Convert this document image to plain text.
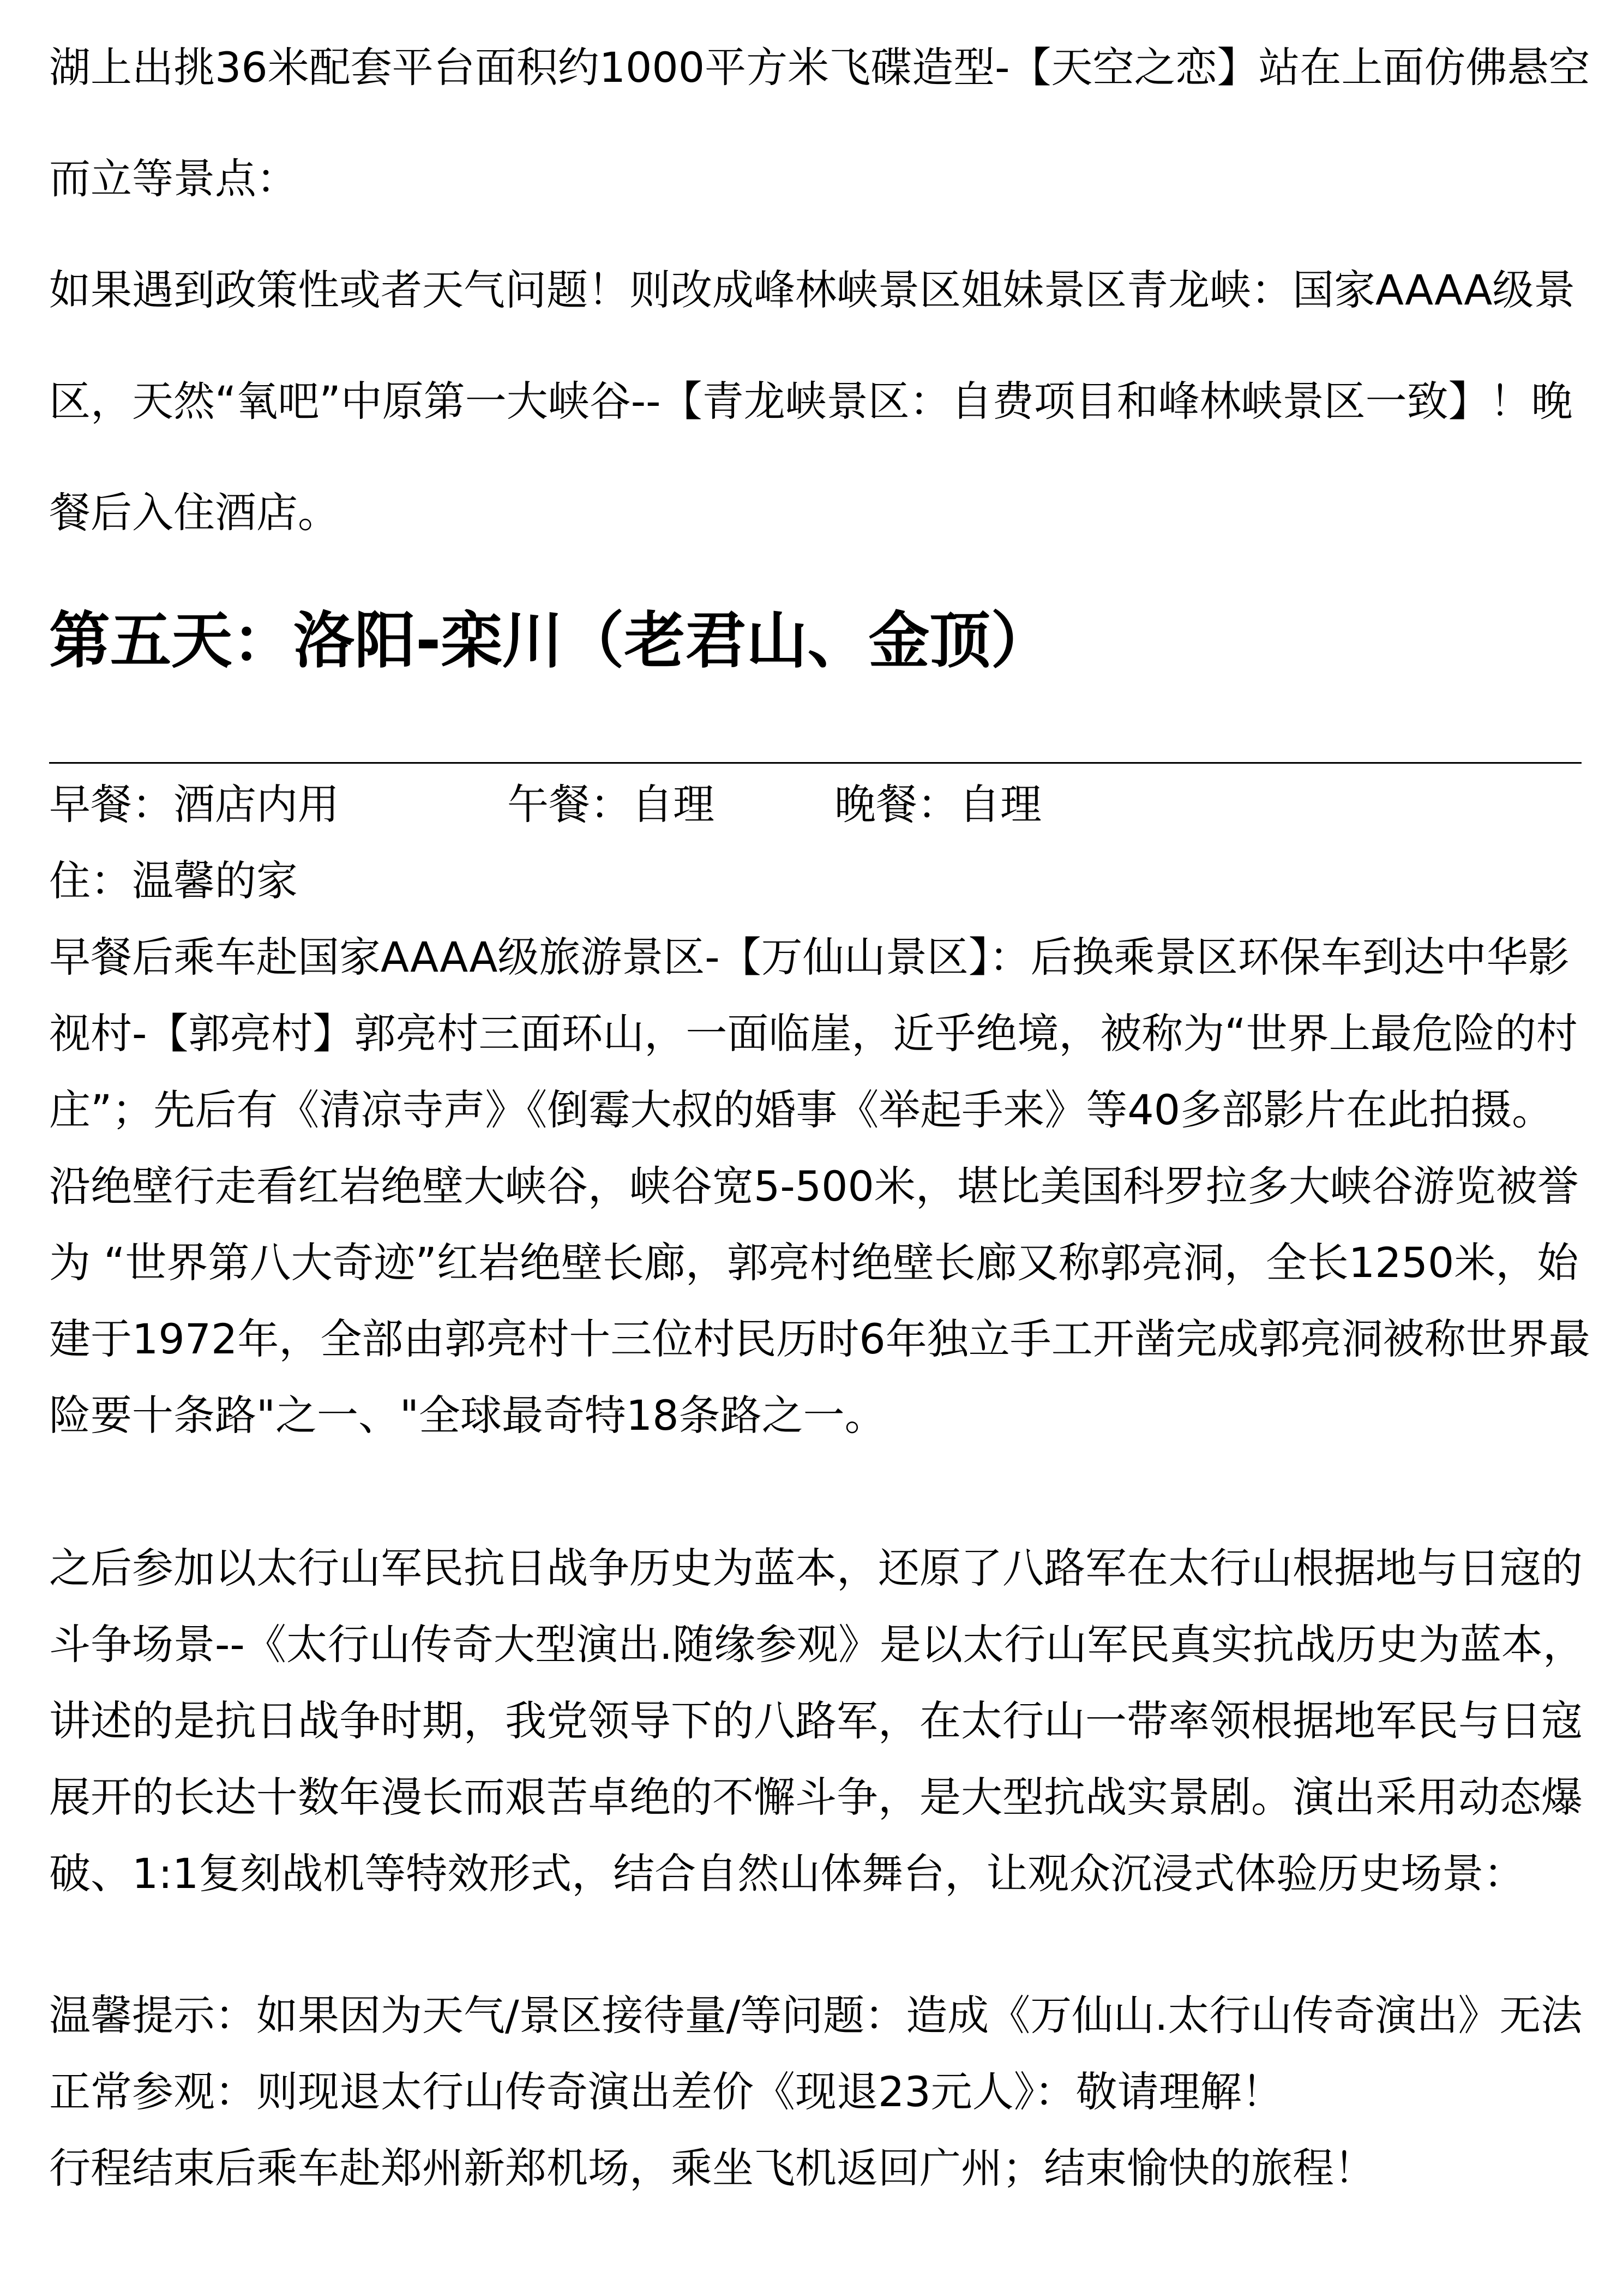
湖上出挑36米配套平台面积约1000平方米飞碟造型-【天空之恋】站在上面仿佛悬空而立等景点：

如果遇到政策性或者天气问题！则改成峰林峡景区姐妹景区青龙峡：国家AAAA级景区，天然“氧吧”中原第一大峡谷--【青龙峡景区：自费项目和峰林峡景区一致】！晚餐后入住酒店。

第五天：洛阳-栾川（老君山、金顶）
早餐：酒店内用	午餐：自理	晚餐：自理
住：温馨的家

早餐后乘车赴国家AAAA级旅游景区-【万仙山景区】：后换乘景区环保车到达中华影视村-【郭亮村】郭亮村三面环山，一面临崖，近乎绝境，被称为“世界上最危险的村庄”；先后有《清凉寺声》《倒霉大叔的婚事《举起手来》等40多部影片在此拍摄。沿绝壁行走看红岩绝壁大峡谷，峡谷宽5-500米，堪比美国科罗拉多大峡谷游览被誉为 “世界第八大奇迹”红岩绝壁长廊，郭亮村绝壁长廊又称郭亮洞，全长1250米，始建于1972年，全部由郭亮村十三位村民历时6年独立手工开凿完成郭亮洞被称世界最险要十条路"之一、"全球最奇特18条路之一。

之后参加以太行山军民抗日战争历史为蓝本，还原了八路军在太行山根据地与日寇的斗争场景--《太行山传奇大型演出.随缘参观》是以太行山军民真实抗战历史为蓝本，讲述的是抗日战争时期，我党领导下的八路军，在太行山一带率领根据地军民与日寇展开的长达十数年漫长而艰苦卓绝的不懈斗争，是大型抗战实景剧。演出采用动态爆破、1:1复刻战机等特效形式，结合自然山体舞台，让观众沉浸式体验历史场景：

温馨提示：如果因为天气/景区接待量/等问题：造成《万仙山.太行山传奇演出》无法正常参观：则现退太行山传奇演出差价《现退23元人》：敬请理解！

行程结束后乘车赴郑州新郑机场，乘坐飞机返回广州；结束愉快的旅程！
